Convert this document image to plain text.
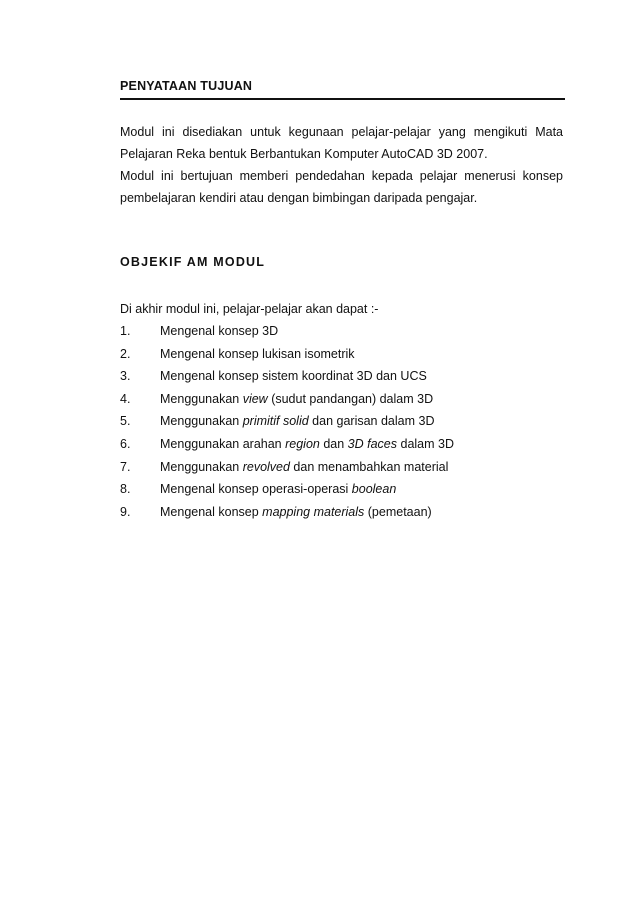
PENYATAAN TUJUAN

Modul ini disediakan untuk kegunaan pelajar-pelajar yang mengikuti Mata Pelajaran Reka bentuk Berbantukan Komputer AutoCAD 3D 2007.

Modul ini bertujuan memberi pendedahan kepada pelajar menerusi konsep pembelajaran kendiri atau dengan bimbingan daripada pengajar.

OBJEKIF AM MODUL

Di akhir modul ini, pelajar-pelajar akan dapat :-

1. Mengenal konsep 3D
2. Mengenal konsep lukisan isometrik
3. Mengenal konsep sistem koordinat 3D dan UCS
4. Menggunakan view (sudut pandangan) dalam 3D
5. Menggunakan primitif solid dan garisan dalam 3D
6. Menggunakan arahan region dan 3D faces dalam 3D
7. Menggunakan revolved dan menambahkan material
8. Mengenal konsep operasi-operasi boolean
9. Mengenal konsep mapping materials (pemetaan)
